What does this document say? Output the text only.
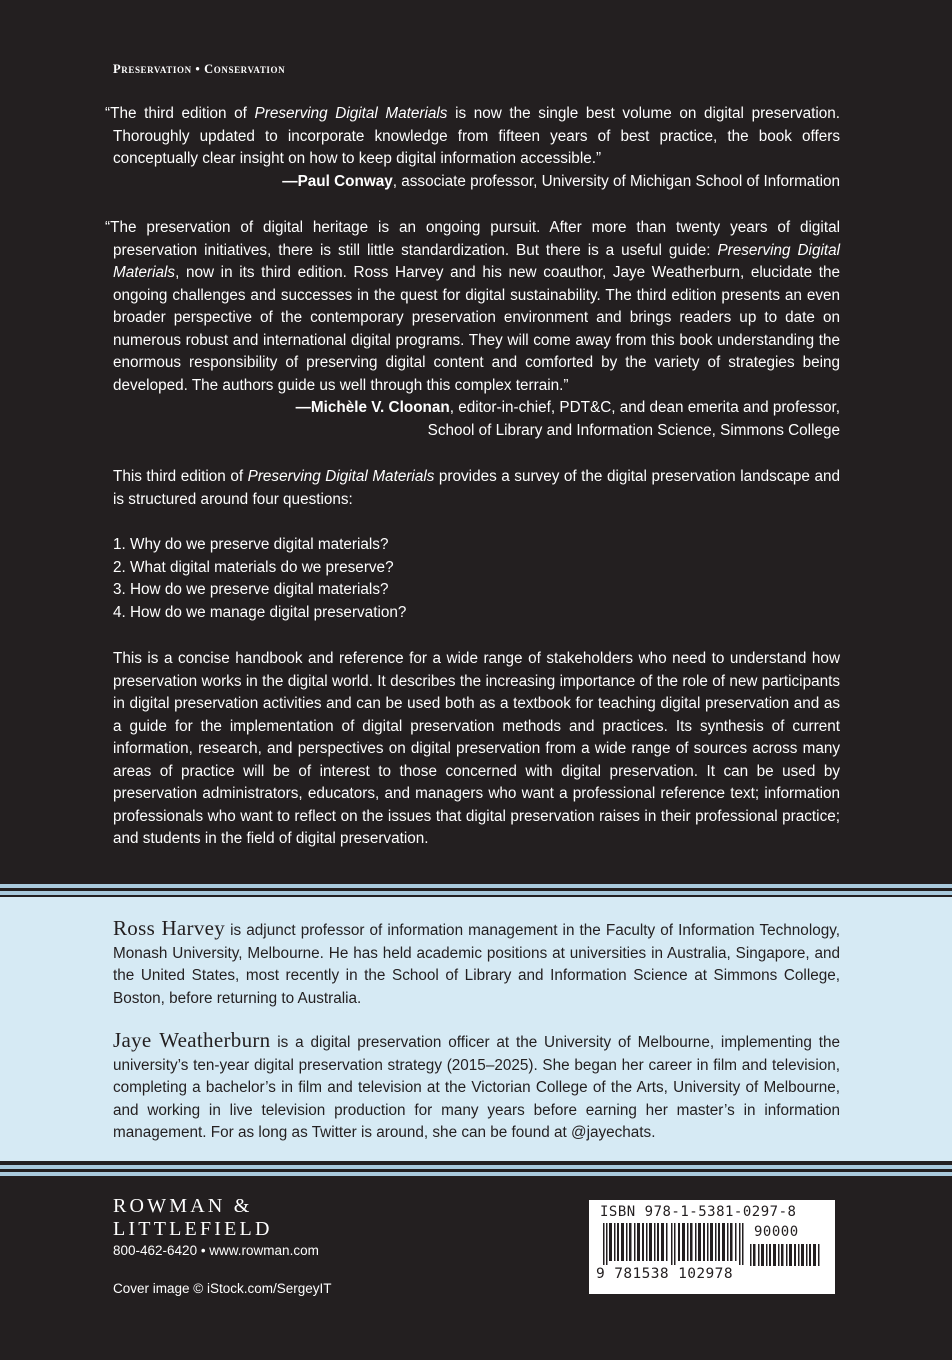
Preservation • Conservation

“The third edition of Preserving Digital Materials is now the single best volume on digital preservation. Thoroughly updated to incorporate knowledge from fifteen years of best practice, the book offers conceptually clear insight on how to keep digital information accessible.”

—Paul Conway, associate professor, University of Michigan School of Information

“The preservation of digital heritage is an ongoing pursuit. After more than twenty years of digital preservation initiatives, there is still little standardization. But there is a useful guide: Preserving Digital Materials, now in its third edition. Ross Harvey and his new coauthor, Jaye Weatherburn, elucidate the ongoing challenges and successes in the quest for digital sustainability. The third edition presents an even broader perspective of the contemporary preservation environment and brings readers up to date on numerous robust and international digital programs. They will come away from this book understanding the enormous responsibility of preserving digital content and comforted by the variety of strategies being developed. The authors guide us well through this complex terrain.”

—Michèle V. Cloonan, editor-in-chief, PDT&C, and dean emerita and professor,

School of Library and Information Science, Simmons College

This third edition of Preserving Digital Materials provides a survey of the digital preservation landscape and is structured around four questions:

1. Why do we preserve digital materials?
2. What digital materials do we preserve?
3. How do we preserve digital materials?
4. How do we manage digital preservation?

This is a concise handbook and reference for a wide range of stakeholders who need to understand how preservation works in the digital world. It describes the increasing importance of the role of new participants in digital preservation activities and can be used both as a textbook for teaching digital preservation and as a guide for the implementation of digital preservation methods and practices. Its synthesis of current information, research, and perspectives on digital preservation from a wide range of sources across many areas of practice will be of interest to those concerned with digital preservation. It can be used by preservation administrators, educators, and managers who want a professional reference text; information professionals who want to reflect on the issues that digital preservation raises in their professional practice; and students in the field of digital preservation.

Ross Harvey is adjunct professor of information management in the Faculty of Information Technology, Monash University, Melbourne. He has held academic positions at universities in Australia, Singapore, and the United States, most recently in the School of Library and Information Science at Simmons College, Boston, before returning to Australia.

Jaye Weatherburn is a digital preservation officer at the University of Melbourne, implementing the university’s ten-year digital preservation strategy (2015–2025). She began her career in film and television, completing a bachelor’s in film and television at the Victorian College of the Arts, University of Melbourne, and working in live television production for many years before earning her master’s in information management. For as long as Twitter is around, she can be found at @jayechats.

ROWMAN &
LITTLEFIELD
800-462-6420 • www.rowman.com
Cover image © iStock.com/SergeyIT
ISBN 978-1-5381-0297-8
90000
9 781538 102978
